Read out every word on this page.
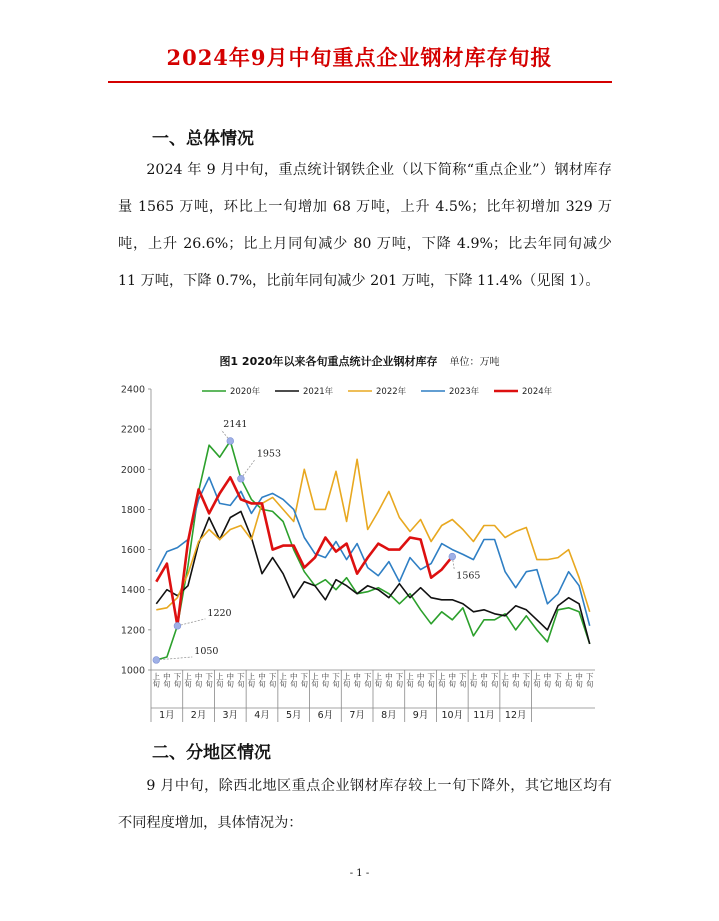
2024年9月中旬重点企业钢材库存旬报
一、总体情况

2024 年 9 月中旬，重点统计钢铁企业（以下简称“重点企业”）钢材库存量 1565 万吨，环比上一旬增加 68 万吨，上升 4.5%；比年初增加 329 万吨，上升 26.6%；比上月同旬减少 80 万吨，下降 4.9%；比去年同旬减少 11 万吨，下降 0.7%，比前年同旬减少 201 万吨，下降 11.4%（见图 1）。

图1 2020年以来各旬重点统计企业钢材库存 单位：万吨
1000
1200
1400
1600
1800
2000
2200
2400
上旬 中旬 下旬 上旬 中旬 下旬 上旬 中旬 下旬 上旬 中旬 下旬 上旬 中旬 下旬 上旬 中旬 下旬 上旬 中旬 下旬 上旬 中旬 下旬 上旬 中旬 下旬 上旬 中旬 下旬 上旬 中旬 下旬 上旬 中旬 下旬 上旬 中旬 下旬 上旬 中旬 下旬
1月 2月 3月 4月 5月 6月 7月 8月 9月 10月 11月 12月
2020年	2021年	2022年	2023年	2024年
2141
1953
1220
1050
1565
二、分地区情况

9 月中旬，除西北地区重点企业钢材库存较上一旬下降外，其它地区均有不同程度增加，具体情况为：

- 1 -
